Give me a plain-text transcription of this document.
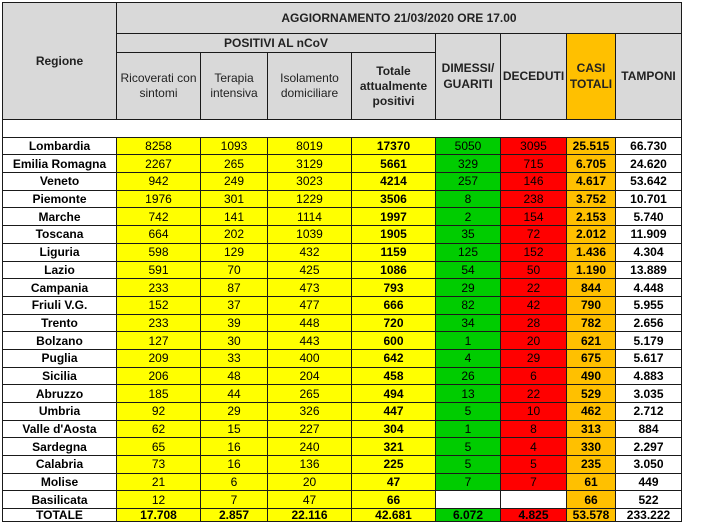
Regione	AGGIORNAMENTO 21/03/2020 ORE 17.00							
	POSITIVI AL nCoV				DIMESSI/ GUARITI	DECEDUTI	CASI TOTALI	TAMPONI
	Ricoverati con sintomi	Terapia intensiva	Isolamento domiciliare	Totale attualmente positivi				

Lombardia	8258	1093	8019	17370	5050	3095	25.515	66.730
Emilia Romagna	2267	265	3129	5661	329	715	6.705	24.620
Veneto	942	249	3023	4214	257	146	4.617	53.642
Piemonte	1976	301	1229	3506	8	238	3.752	10.701
Marche	742	141	1114	1997	2	154	2.153	5.740
Toscana	664	202	1039	1905	35	72	2.012	11.909
Liguria	598	129	432	1159	125	152	1.436	4.304
Lazio	591	70	425	1086	54	50	1.190	13.889
Campania	233	87	473	793	29	22	844	4.448
Friuli V.G.	152	37	477	666	82	42	790	5.955
Trento	233	39	448	720	34	28	782	2.656
Bolzano	127	30	443	600	1	20	621	5.179
Puglia	209	33	400	642	4	29	675	5.617
Sicilia	206	48	204	458	26	6	490	4.883
Abruzzo	185	44	265	494	13	22	529	3.035
Umbria	92	29	326	447	5	10	462	2.712
Valle d'Aosta	62	15	227	304	1	8	313	884
Sardegna	65	16	240	321	5	4	330	2.297
Calabria	73	16	136	225	5	5	235	3.050
Molise	21	6	20	47	7	7	61	449
Basilicata	12	7	47	66			66	522
TOTALE	17.708	2.857	22.116	42.681	6.072	4.825	53.578	233.222
